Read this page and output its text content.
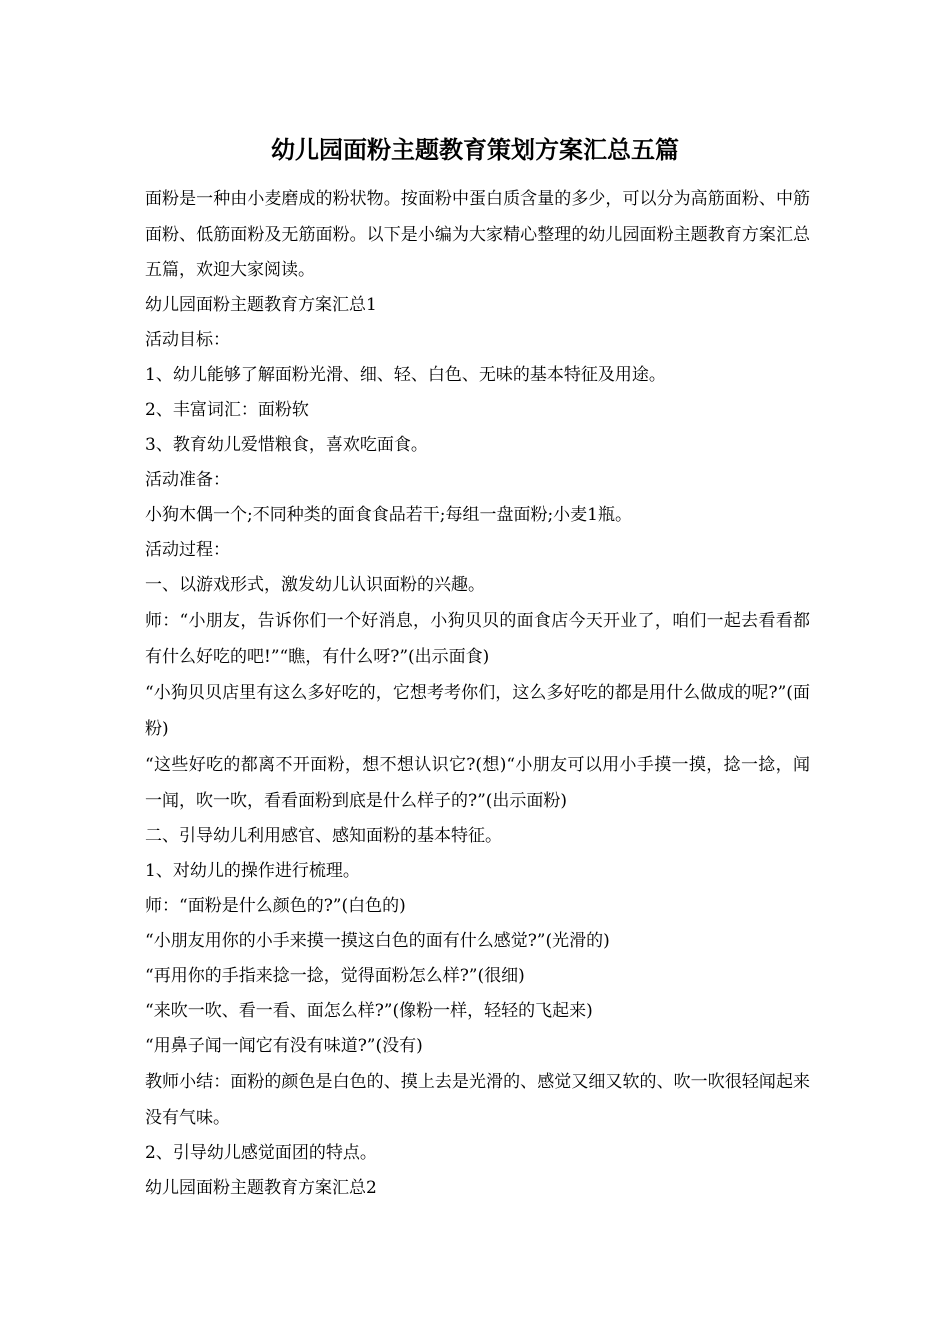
幼儿园面粉主题教育策划方案汇总五篇

面粉是一种由小麦磨成的粉状物。按面粉中蛋白质含量的多少，可以分为高筋面粉、中筋面粉、低筋面粉及无筋面粉。以下是小编为大家精心整理的幼儿园面粉主题教育方案汇总五篇，欢迎大家阅读。

幼儿园面粉主题教育方案汇总1

活动目标：

1、幼儿能够了解面粉光滑、细、轻、白色、无味的基本特征及用途。

2、丰富词汇：面粉软

3、教育幼儿爱惜粮食，喜欢吃面食。

活动准备：

小狗木偶一个;不同种类的面食食品若干;每组一盘面粉;小麦1瓶。

活动过程：

一、以游戏形式，激发幼儿认识面粉的兴趣。

师：“小朋友，告诉你们一个好消息，小狗贝贝的面食店今天开业了，咱们一起去看看都有什么好吃的吧!”“瞧，有什么呀?”(出示面食)

“小狗贝贝店里有这么多好吃的，它想考考你们，这么多好吃的都是用什么做成的呢?”(面粉)

“这些好吃的都离不开面粉，想不想认识它?(想)“小朋友可以用小手摸一摸，捻一捻，闻一闻，吹一吹，看看面粉到底是什么样子的?”(出示面粉)

二、引导幼儿利用感官、感知面粉的基本特征。

1、对幼儿的操作进行梳理。

师：“面粉是什么颜色的?”(白色的)

“小朋友用你的小手来摸一摸这白色的面有什么感觉?”(光滑的)

“再用你的手指来捻一捻，觉得面粉怎么样?”(很细)

“来吹一吹、看一看、面怎么样?”(像粉一样，轻轻的飞起来)

“用鼻子闻一闻它有没有味道?”(没有)

教师小结：面粉的颜色是白色的、摸上去是光滑的、感觉又细又软的、吹一吹很轻闻起来没有气味。

2、引导幼儿感觉面团的特点。

幼儿园面粉主题教育方案汇总2
